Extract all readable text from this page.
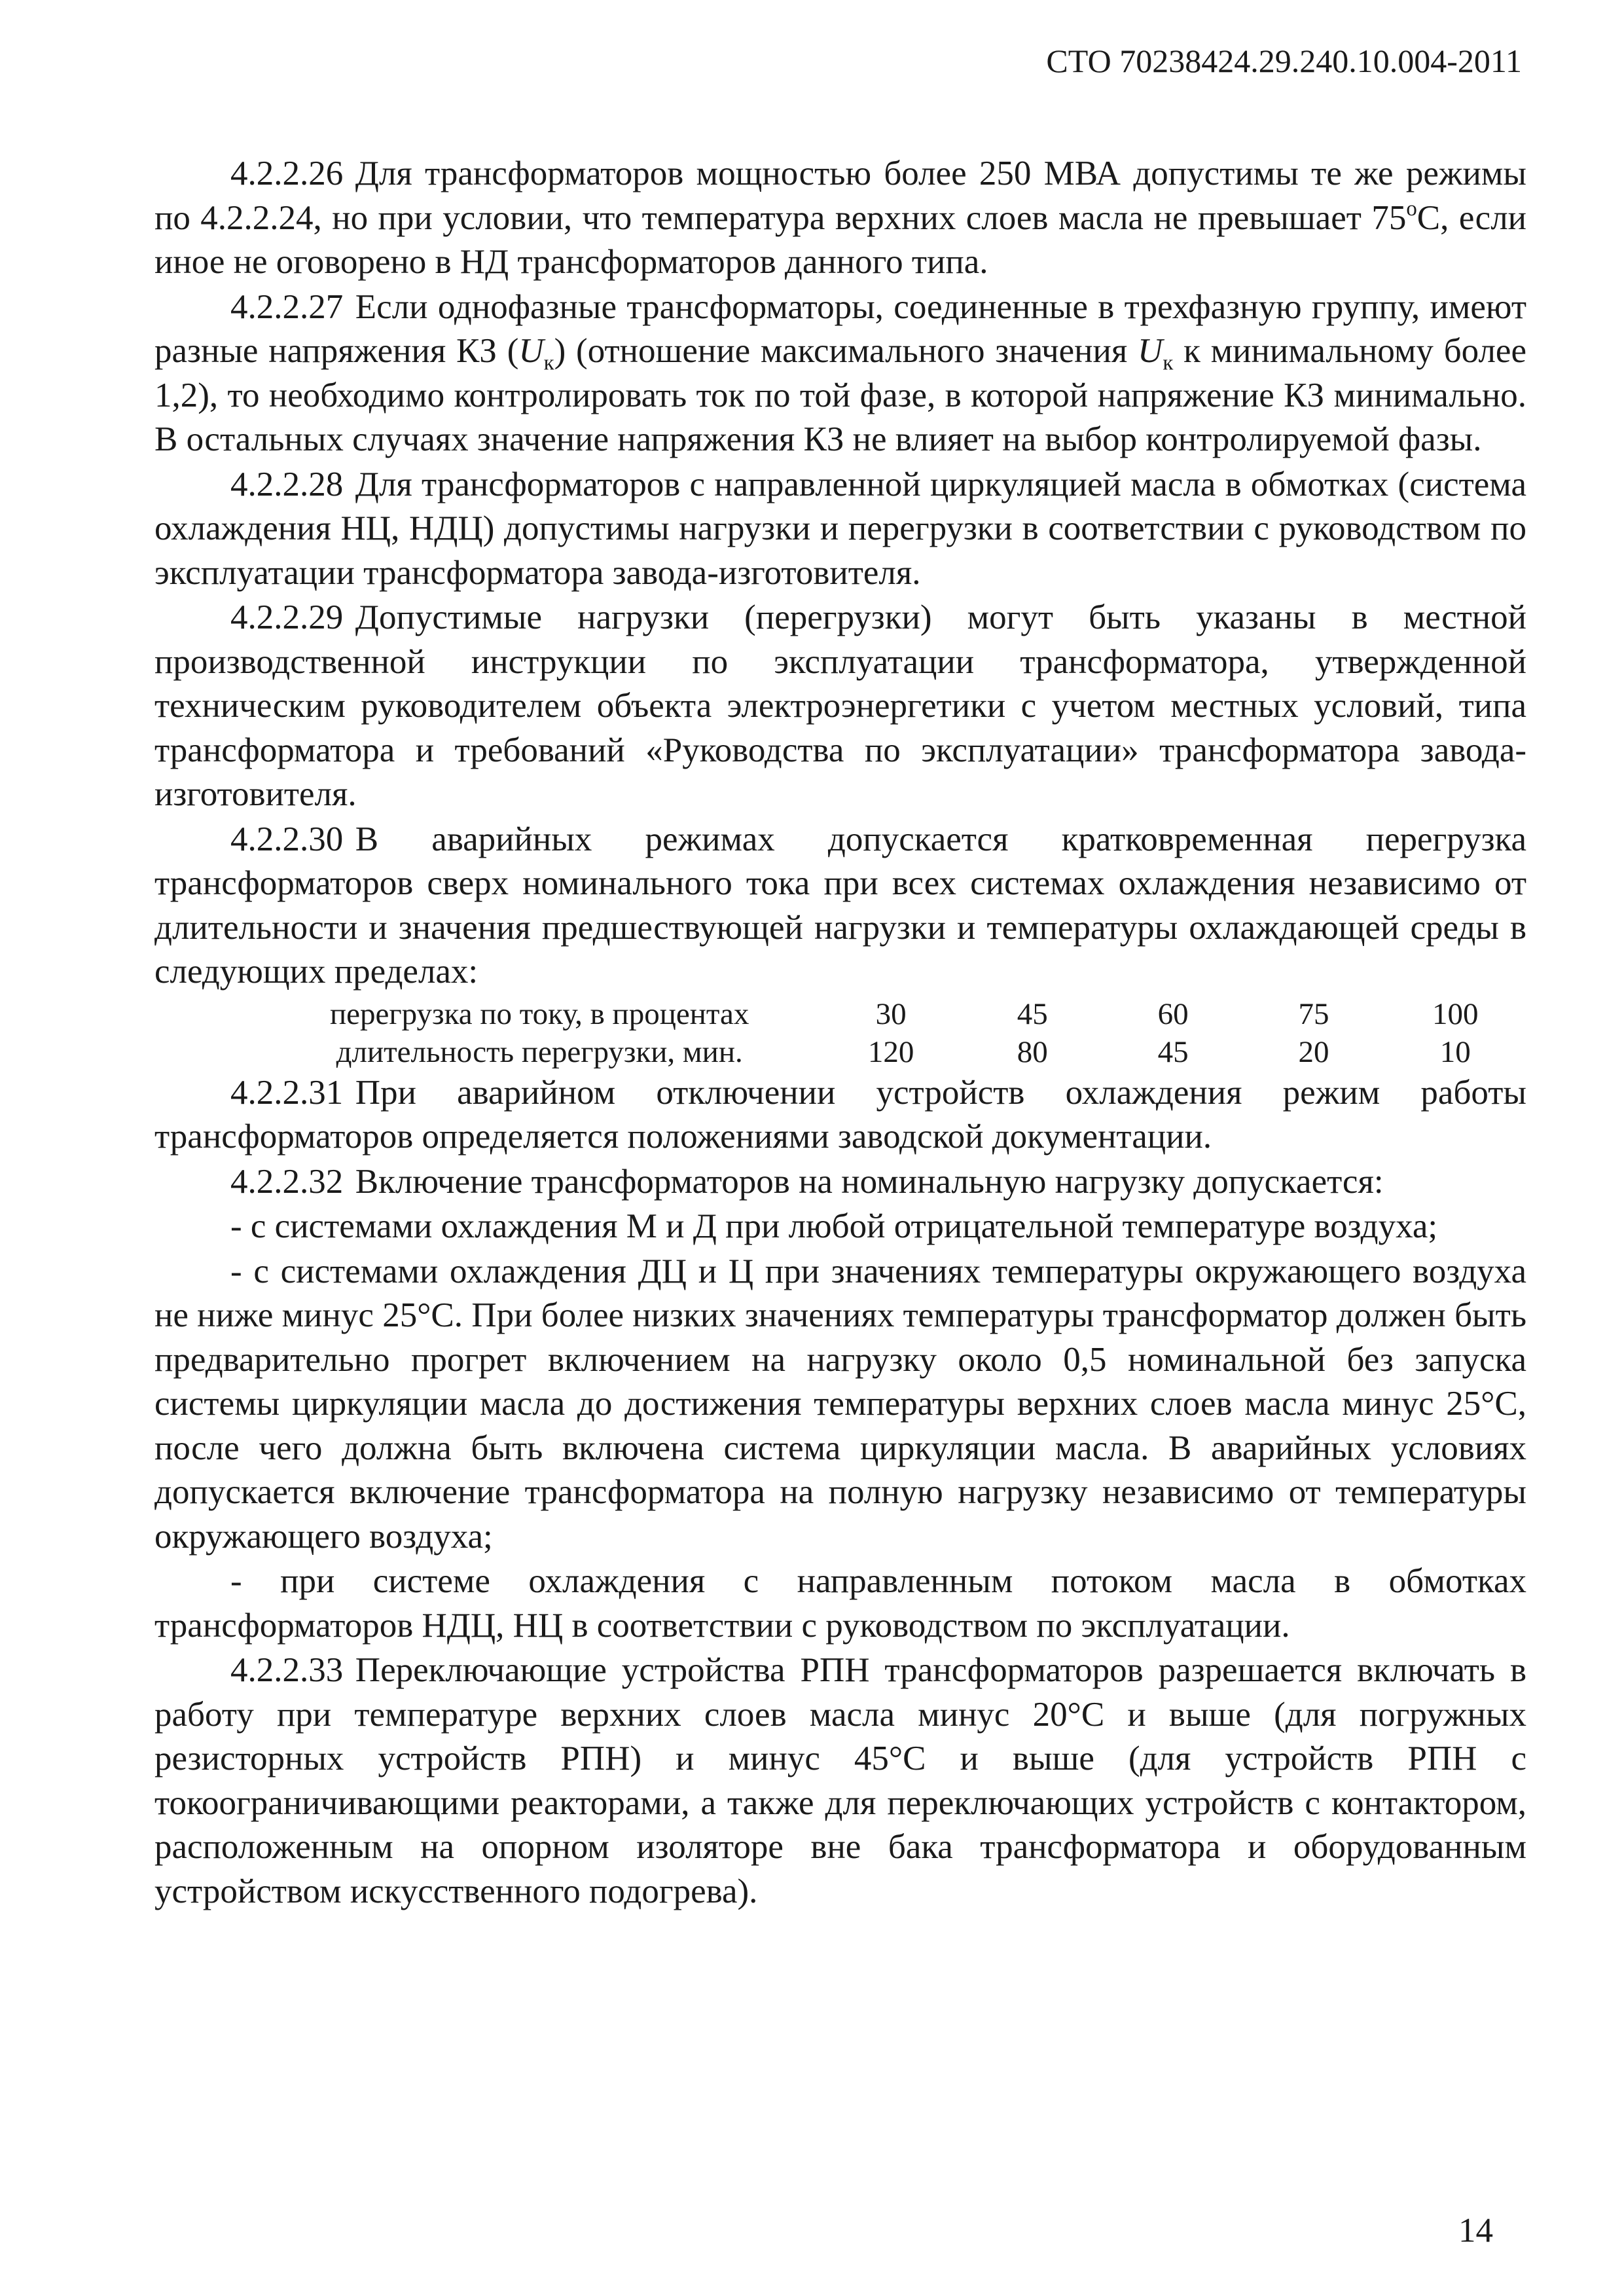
СТО 70238424.29.240.10.004-2011

4.2.2.26 Для трансформаторов мощностью более 250 МВА допустимы те же режимы по 4.2.2.24, но при условии, что температура верхних слоев масла не превышает $75^оС$, если иное не оговорено в НД трансформаторов данного типа.

4.2.2.27 Если однофазные трансформаторы, соединенные в трехфазную группу, имеют разные напряжения КЗ $(U_к)$ (отношение максимального значения $U_к$ к минимальному более 1,2), то необходимо контролировать ток по той фазе, в которой напряжение КЗ минимально. В остальных случаях значение напряжения КЗ не влияет на выбор контролируемой фазы.

4.2.2.28 Для трансформаторов с направленной циркуляцией масла в обмотках (система охлаждения НЦ, НДЦ) допустимы нагрузки и перегрузки в соответствии с руководством по эксплуатации трансформатора завода-изготовителя.

4.2.2.29 Допустимые нагрузки (перегрузки) могут быть указаны в местной производственной инструкции по эксплуатации трансформатора, утвержденной техническим руководителем объекта электроэнергетики с учетом местных условий, типа трансформатора и требований «Руководства по эксплуатации» трансформатора завода-изготовителя.

4.2.2.30 В аварийных режимах допускается кратковременная перегрузка трансформаторов сверх номинального тока при всех системах охлаждения независимо от длительности и значения предшествующей нагрузки и температуры охлаждающей среды в следующих пределах:

перегрузка по току, в процентах	30	45	60	75	100
длительность перегрузки, мин.	120	80	45	20	10

4.2.2.31 При аварийном отключении устройств охлаждения режим работы трансформаторов определяется положениями заводской документации.

4.2.2.32 Включение трансформаторов на номинальную нагрузку допускается:

- с системами охлаждения М и Д при любой отрицательной температуре воздуха;

- с системами охлаждения ДЦ и Ц при значениях температуры окружающего воздуха не ниже минус 25°С. При более низких значениях температуры трансформатор должен быть предварительно прогрет включением на нагрузку около 0,5 номинальной без запуска системы циркуляции масла до достижения температуры верхних слоев масла минус 25°С, после чего должна быть включена система циркуляции масла. В аварийных условиях допускается включение трансформатора на полную нагрузку независимо от температуры окружающего воздуха;

- при системе охлаждения с направленным потоком масла в обмотках трансформаторов НДЦ, НЦ в соответствии с руководством по эксплуатации.

4.2.2.33 Переключающие устройства РПН трансформаторов разрешается включать в работу при температуре верхних слоев масла минус 20°С и выше (для погружных резисторных устройств РПН) и минус 45°С и выше (для устройств РПН с токоограничивающими реакторами, а также для переключающих устройств с контактором, расположенным на опорном изоляторе вне бака трансформатора и оборудованным устройством искусственного подогрева).

14
